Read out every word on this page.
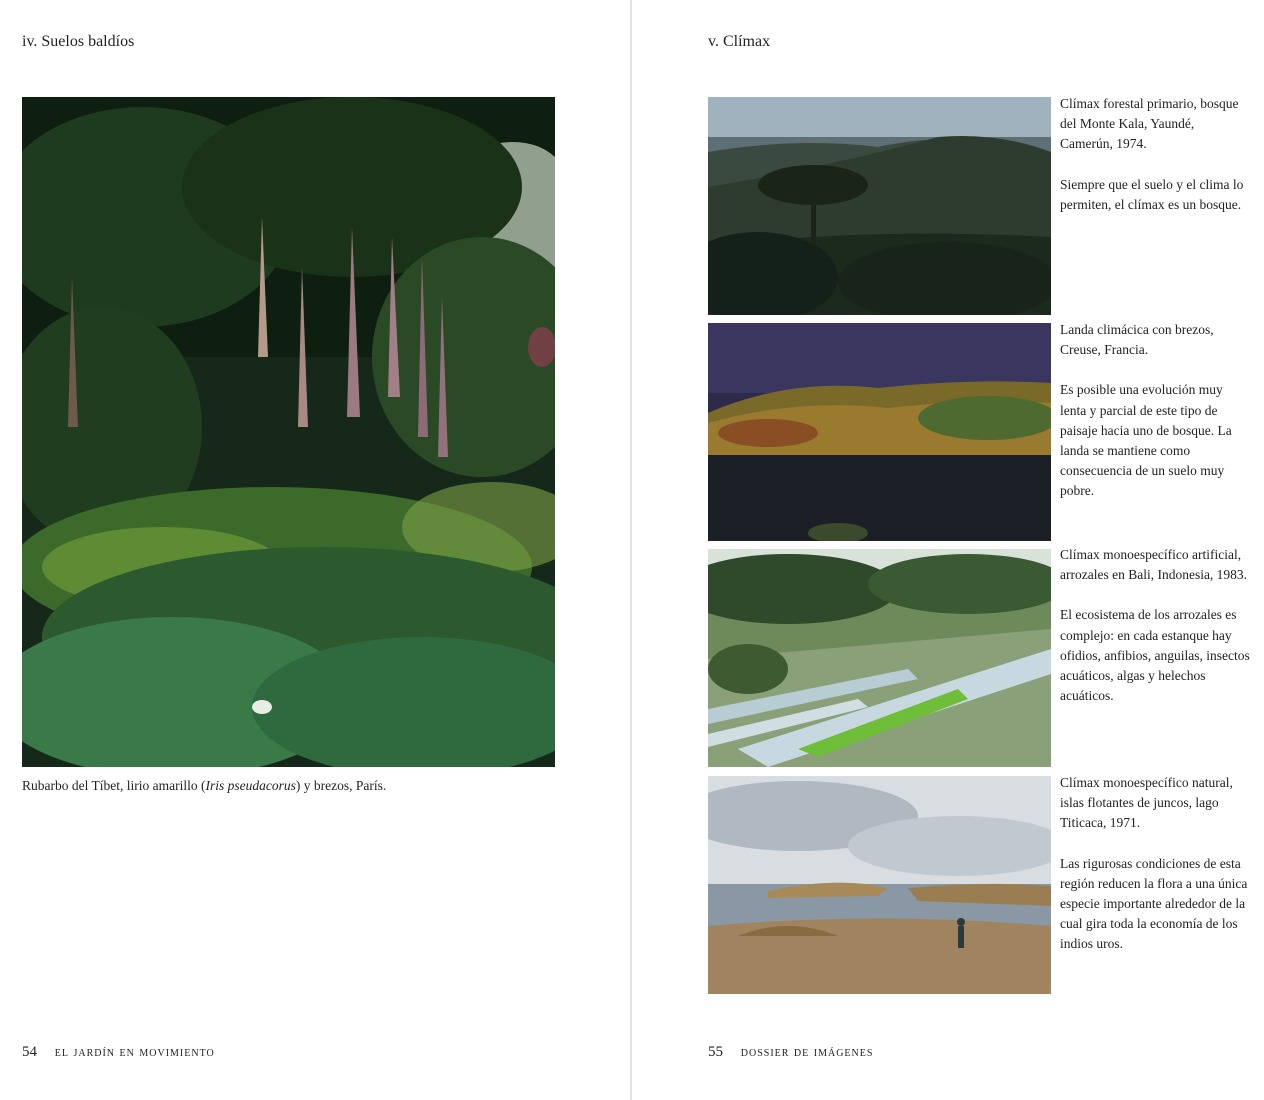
iv. Suelos baldíos
Rubarbo del Tíbet, lirio amarillo (Iris pseudacorus) y brezos, París.
54 el jardín en movimiento
v. Clímax

Clímax forestal primario, bosque del Monte Kala, Yaundé, Camerún, 1974.

Siempre que el suelo y el clima lo permiten, el clímax es un bosque.

Landa climácica con brezos, Creuse, Francia.

Es posible una evolución muy lenta y parcial de este tipo de paisaje hacia uno de bosque. La landa se mantiene como consecuencia de un suelo muy pobre.

Clímax monoespecífico artificial, arrozales en Bali, Indonesia, 1983.

El ecosistema de los arrozales es complejo: en cada estanque hay ofidios, anfibios, anguilas, insectos acuáticos, algas y helechos acuáticos.

Clímax monoespecífico natural, islas flotantes de juncos, lago Titicaca, 1971.

Las rigurosas condiciones de esta región reducen la flora a una única especie importante alrededor de la cual gira toda la economía de los indios uros.

55 dossier de imágenes
